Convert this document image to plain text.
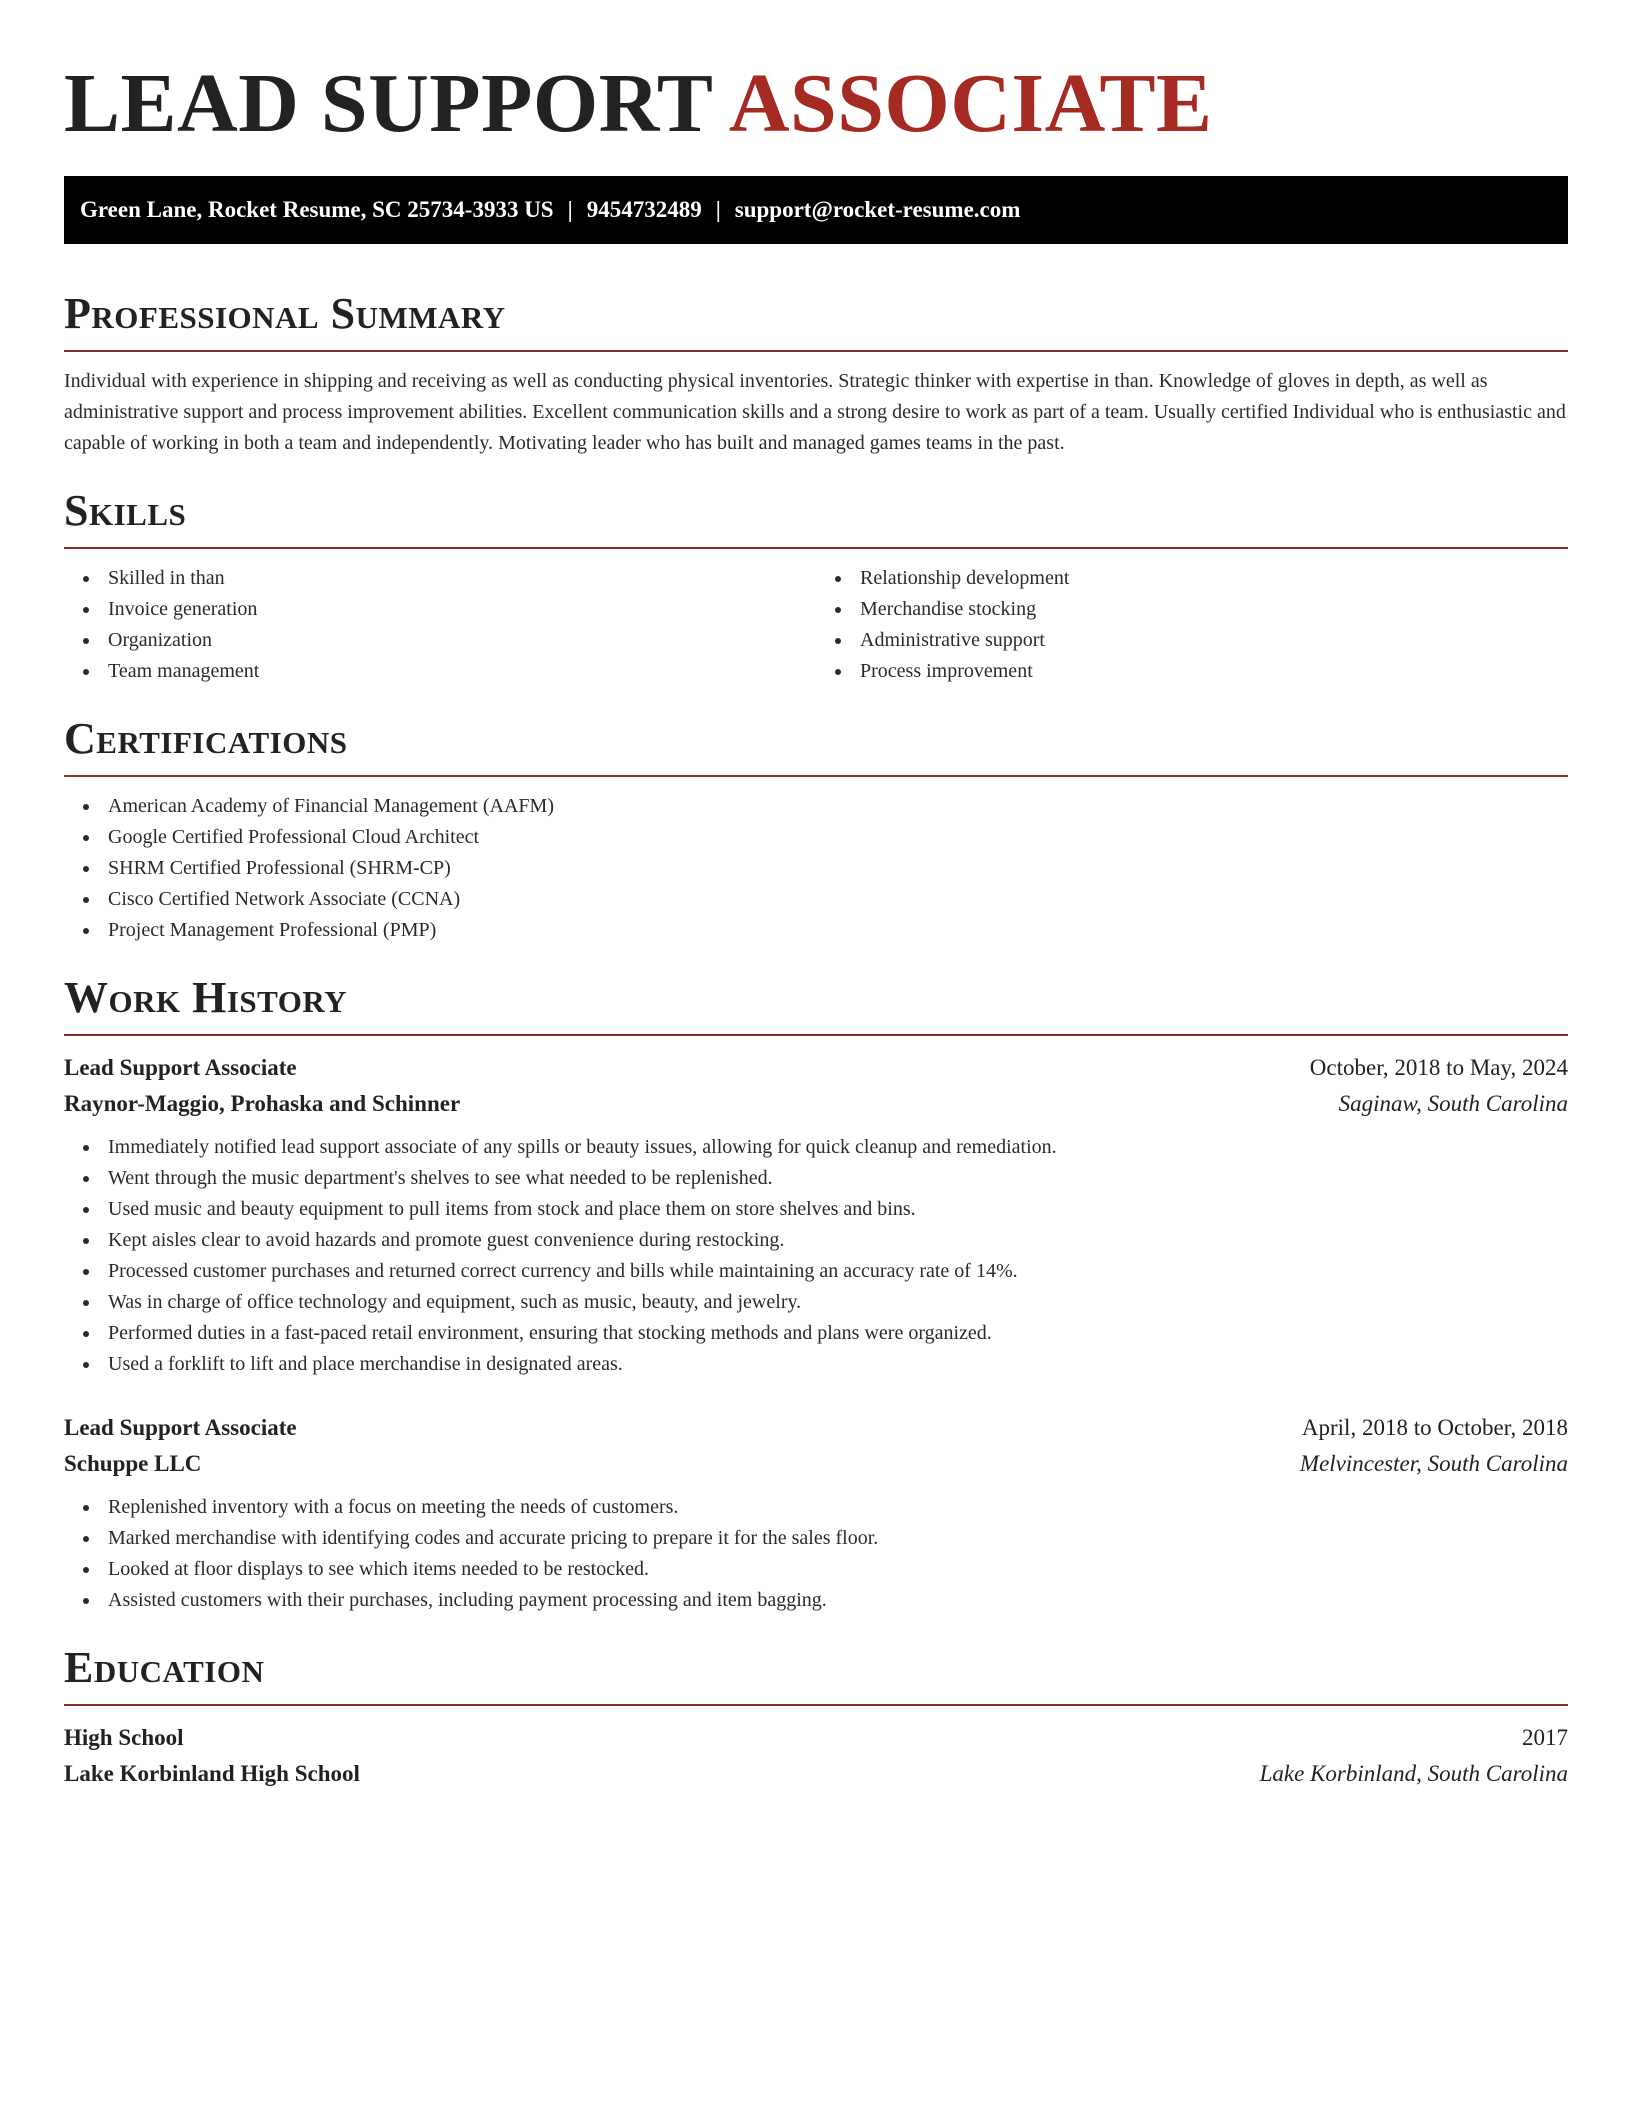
LEAD SUPPORT ASSOCIATE
Green Lane, Rocket Resume, SC 25734-3933 US | 9454732489 | support@rocket-resume.com
Professional Summary

Individual with experience in shipping and receiving as well as conducting physical inventories. Strategic thinker with expertise in than. Knowledge of gloves in depth, as well as administrative support and process improvement abilities. Excellent communication skills and a strong desire to work as part of a team. Usually certified Individual who is enthusiastic and capable of working in both a team and independently. Motivating leader who has built and managed games teams in the past.

Skills
Skilled in than
Invoice generation
Organization
Team management
Relationship development
Merchandise stocking
Administrative support
Process improvement
Certifications
American Academy of Financial Management (AAFM)
Google Certified Professional Cloud Architect
SHRM Certified Professional (SHRM-CP)
Cisco Certified Network Associate (CCNA)
Project Management Professional (PMP)
Work History
Lead Support Associate	October, 2018 to May, 2024
Raynor-Maggio, Prohaska and Schinner	Saginaw, South Carolina
Immediately notified lead support associate of any spills or beauty issues, allowing for quick cleanup and remediation.
Went through the music department's shelves to see what needed to be replenished.
Used music and beauty equipment to pull items from stock and place them on store shelves and bins.
Kept aisles clear to avoid hazards and promote guest convenience during restocking.
Processed customer purchases and returned correct currency and bills while maintaining an accuracy rate of 14%.
Was in charge of office technology and equipment, such as music, beauty, and jewelry.
Performed duties in a fast-paced retail environment, ensuring that stocking methods and plans were organized.
Used a forklift to lift and place merchandise in designated areas.
Lead Support Associate	April, 2018 to October, 2018
Schuppe LLC	Melvincester, South Carolina
Replenished inventory with a focus on meeting the needs of customers.
Marked merchandise with identifying codes and accurate pricing to prepare it for the sales floor.
Looked at floor displays to see which items needed to be restocked.
Assisted customers with their purchases, including payment processing and item bagging.
Education
High School	2017
Lake Korbinland High School	Lake Korbinland, South Carolina
